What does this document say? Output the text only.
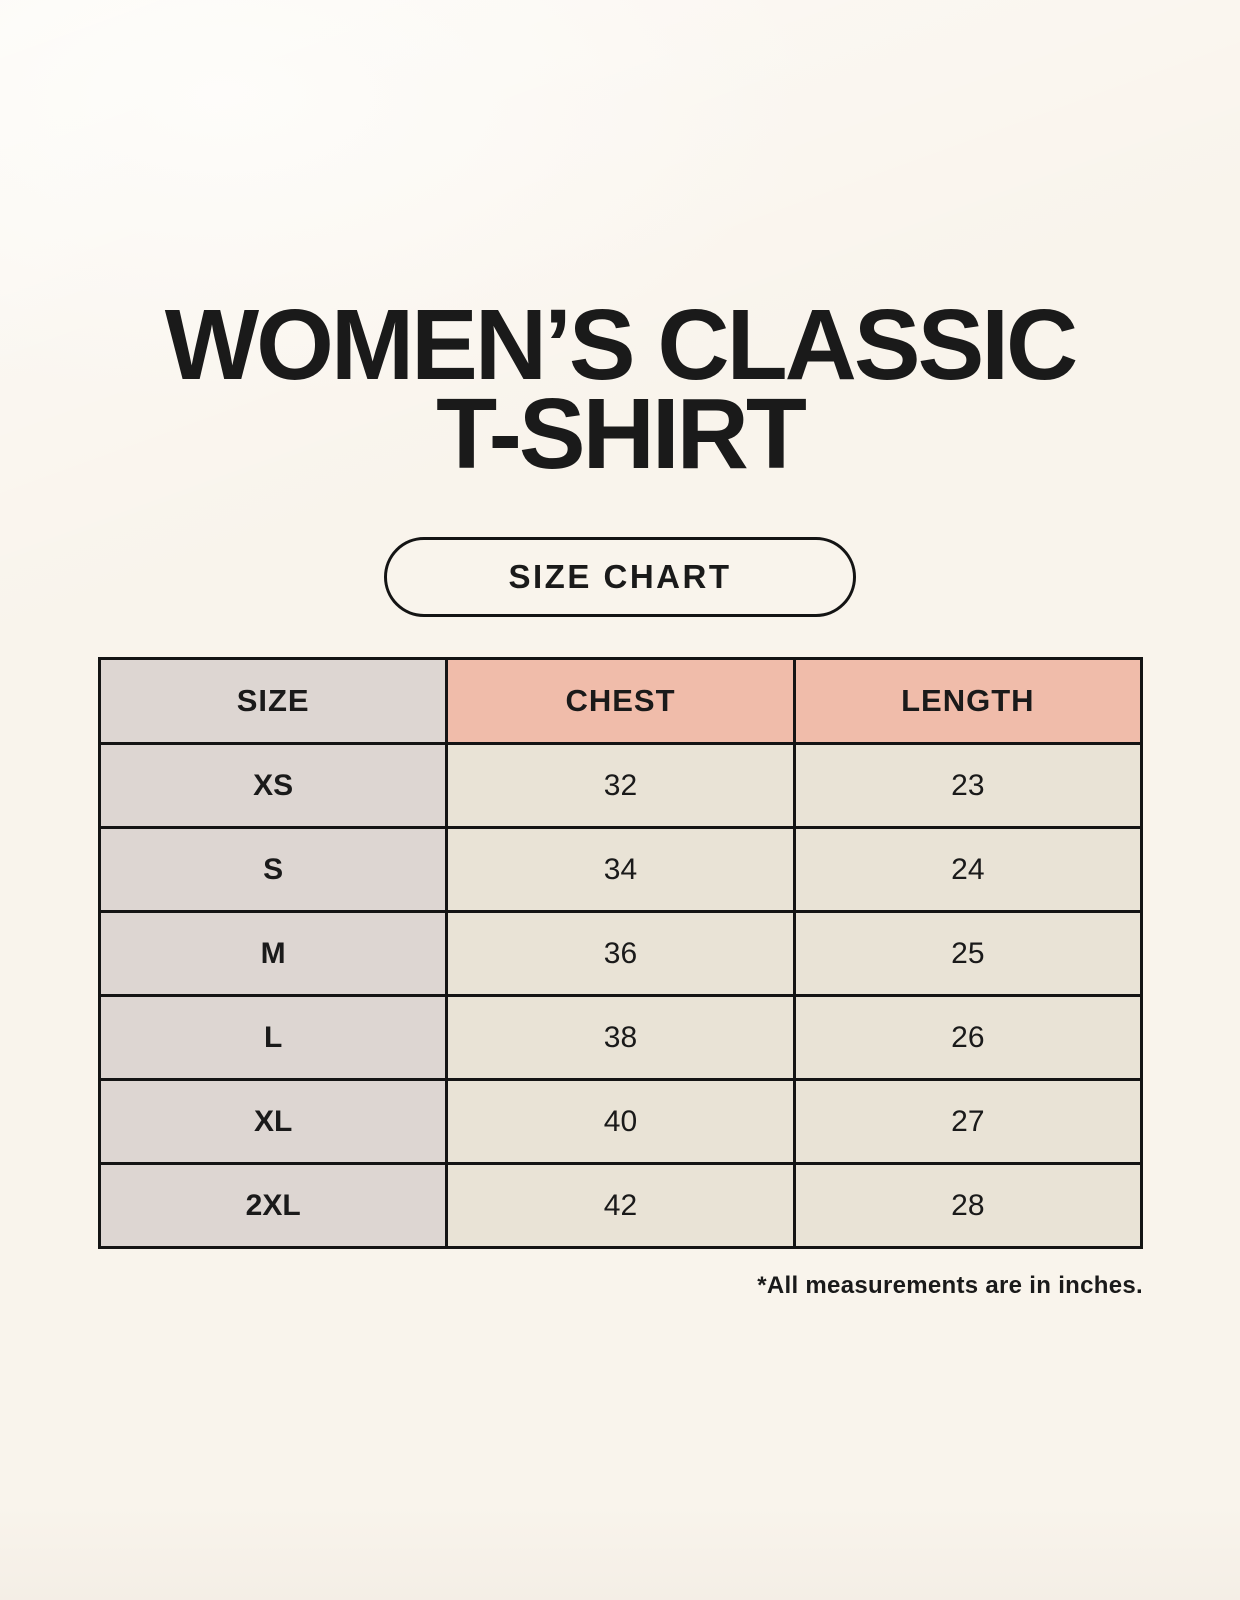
WOMEN’S CLASSIC
T-SHIRT
SIZE CHART
SIZE	CHEST	LENGTH
XS	32	23
S	34	24
M	36	25
L	38	26
XL	40	27
2XL	42	28
*All measurements are in inches.
